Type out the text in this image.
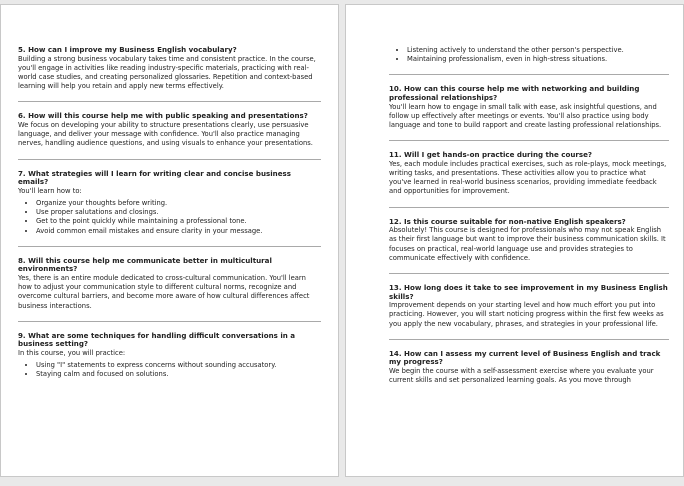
5. How can I improve my Business English vocabulary?

Building a strong business vocabulary takes time and consistent practice. In the course, you'll engage in activities like reading industry-specific materials, practicing with real-world case studies, and creating personalized glossaries. Repetition and context-based learning will help you retain and apply new terms effectively.

6. How will this course help me with public speaking and presentations?

We focus on developing your ability to structure presentations clearly, use persuasive language, and deliver your message with confidence. You'll also practice managing nerves, handling audience questions, and using visuals to enhance your presentations.

7. What strategies will I learn for writing clear and concise business emails?

You'll learn how to:

• Organize your thoughts before writing.
• Use proper salutations and closings.
• Get to the point quickly while maintaining a professional tone.
• Avoid common email mistakes and ensure clarity in your message.

8. Will this course help me communicate better in multicultural environments?

Yes, there is an entire module dedicated to cross-cultural communication. You'll learn how to adjust your communication style to different cultural norms, recognize and overcome cultural barriers, and become more aware of how cultural differences affect business interactions.

9. What are some techniques for handling difficult conversations in a business setting?

In this course, you will practice:

• Using "I" statements to express concerns without sounding accusatory.
• Staying calm and focused on solutions.
• Listening actively to understand the other person's perspective.
• Maintaining professionalism, even in high-stress situations.

10. How can this course help me with networking and building professional relationships?

You'll learn how to engage in small talk with ease, ask insightful questions, and follow up effectively after meetings or events. You'll also practice using body language and tone to build rapport and create lasting professional relationships.

11. Will I get hands-on practice during the course?

Yes, each module includes practical exercises, such as role-plays, mock meetings, writing tasks, and presentations. These activities allow you to practice what you've learned in real-world business scenarios, providing immediate feedback and opportunities for improvement.

12. Is this course suitable for non-native English speakers?

Absolutely! This course is designed for professionals who may not speak English as their first language but want to improve their business communication skills. It focuses on practical, real-world language use and provides strategies to communicate effectively with confidence.

13. How long does it take to see improvement in my Business English skills?

Improvement depends on your starting level and how much effort you put into practicing. However, you will start noticing progress within the first few weeks as you apply the new vocabulary, phrases, and strategies in your professional life.

14. How can I assess my current level of Business English and track my progress?

We begin the course with a self-assessment exercise where you evaluate your current skills and set personalized learning goals. As you move through
